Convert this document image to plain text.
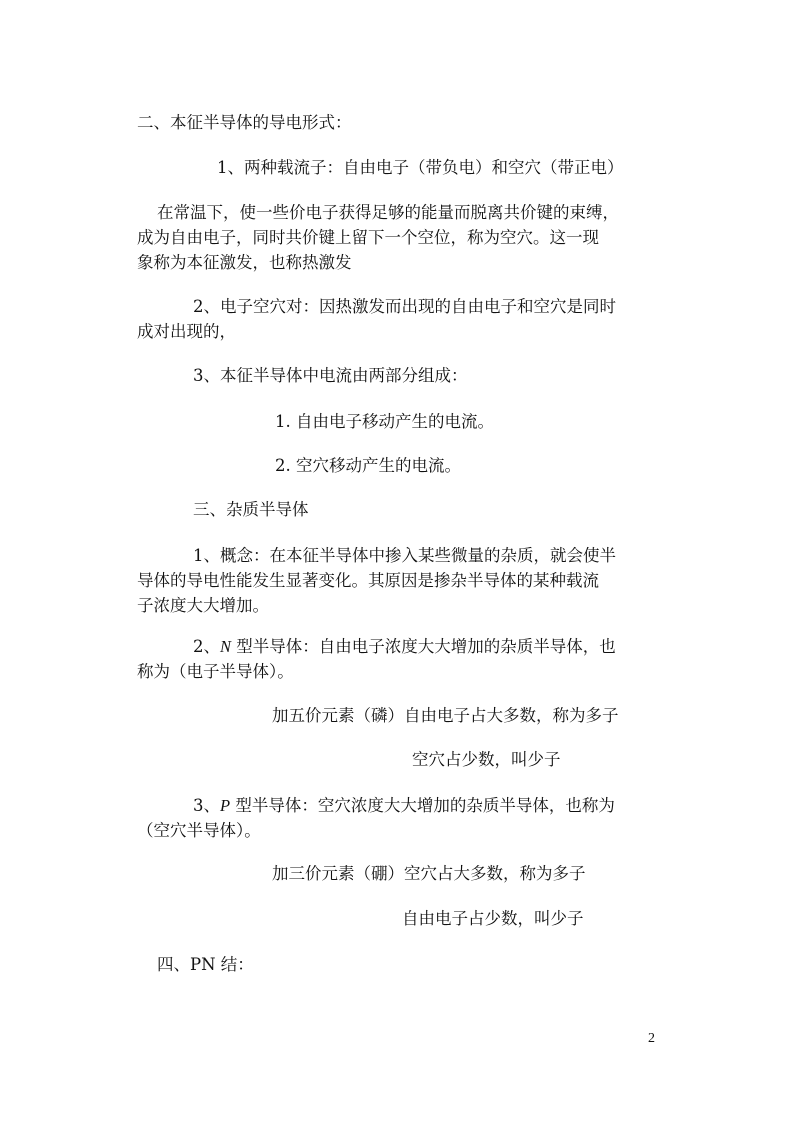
二、本征半导体的导电形式：
1、两种载流子：自由电子（带负电）和空穴（带正电）
在常温下，使一些价电子获得足够的能量而脱离共价键的束缚，
成为自由电子，同时共价键上留下一个空位，称为空穴。这一现
象称为本征激发，也称热激发
2、电子空穴对：因热激发而出现的自由电子和空穴是同时
成对出现的，
3、本征半导体中电流由两部分组成：
1. 自由电子移动产生的电流。
2. 空穴移动产生的电流。
三、杂质半导体
1、概念：在本征半导体中掺入某些微量的杂质，就会使半
导体的导电性能发生显著变化。其原因是掺杂半导体的某种载流
子浓度大大增加。
2、N 型半导体：自由电子浓度大大增加的杂质半导体，也
称为（电子半导体）。
加五价元素（磷）自由电子占大多数，称为多子
空穴占少数，叫少子
3、P 型半导体：空穴浓度大大增加的杂质半导体，也称为
（空穴半导体）。
加三价元素（硼）空穴占大多数，称为多子
自由电子占少数，叫少子
四、PN 结：
2
